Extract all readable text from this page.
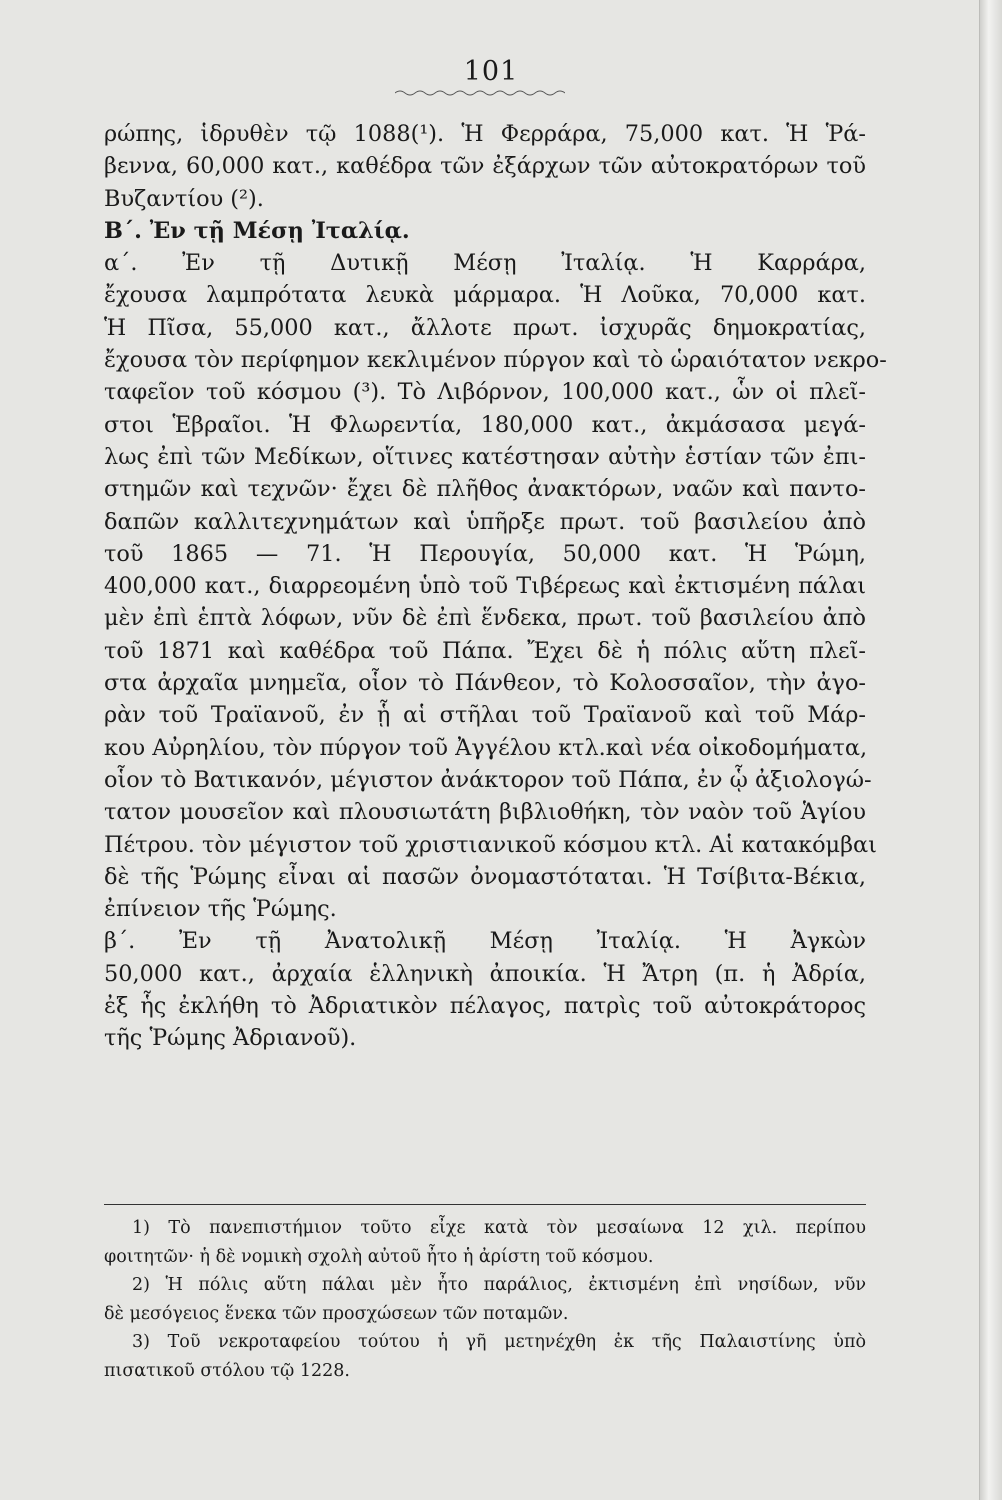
101
ρώπης, ἱδρυθὲν τῷ 1088(¹). Ἡ Φερράρα, 75,000 κατ. Ἡ Ῥά-
βεννα, 60,000 κατ., καθέδρα τῶν ἐξάρχων τῶν αὐτοκρατόρων τοῦ
Βυζαντίου (²).
Β΄. Ἐν τῇ Μέσῃ Ἰταλίᾳ.
α΄. Ἐν τῇ Δυτικῇ Μέσῃ Ἰταλίᾳ. Ἡ Καρράρα,
ἔχουσα λαμπρότατα λευκὰ μάρμαρα. Ἡ Λοῦκα, 70,000 κατ.
Ἡ Πῖσα, 55,000 κατ., ἄλλοτε πρωτ. ἰσχυρᾶς δημοκρατίας,
ἔχουσα τὸν περίφημον κεκλιμένον πύργον καὶ τὸ ὡραιότατον νεκρο-
ταφεῖον τοῦ κόσμου (³). Τὸ Λιβόρνον, 100,000 κατ., ὧν οἱ πλεῖ-
στοι Ἑβραῖοι. Ἡ Φλωρεντία, 180,000 κατ., ἀκμάσασα μεγά-
λως ἐπὶ τῶν Μεδίκων, οἵτινες κατέστησαν αὐτὴν ἑστίαν τῶν ἐπι-
στημῶν καὶ τεχνῶν· ἔχει δὲ πλῆθος ἀνακτόρων, ναῶν καὶ παντο-
δαπῶν καλλιτεχνημάτων καὶ ὑπῆρξε πρωτ. τοῦ βασιλείου ἀπὸ
τοῦ 1865 — 71. Ἡ Περουγία, 50,000 κατ. Ἡ Ῥώμη,
400,000 κατ., διαρρεομένη ὑπὸ τοῦ Τιβέρεως καὶ ἐκτισμένη πάλαι
μὲν ἐπὶ ἑπτὰ λόφων, νῦν δὲ ἐπὶ ἕνδεκα, πρωτ. τοῦ βασιλείου ἀπὸ
τοῦ 1871 καὶ καθέδρα τοῦ Πάπα. Ἔχει δὲ ἡ πόλις αὕτη πλεῖ-
στα ἀρχαῖα μνημεῖα, οἷον τὸ Πάνθεον, τὸ Κολοσσαῖον, τὴν ἀγο-
ρὰν τοῦ Τραϊανοῦ, ἐν ᾗ αἱ στῆλαι τοῦ Τραϊανοῦ καὶ τοῦ Μάρ-
κου Αὐρηλίου, τὸν πύργον τοῦ Ἀγγέλου κτλ.καὶ νέα οἰκοδομήματα,
οἷον τὸ Βατικανόν, μέγιστον ἀνάκτορον τοῦ Πάπα, ἐν ᾧ ἀξιολογώ-
τατον μουσεῖον καὶ πλουσιωτάτη βιβλιοθήκη, τὸν ναὸν τοῦ Ἁγίου
Πέτρου. τὸν μέγιστον τοῦ χριστιανικοῦ κόσμου κτλ. Αἱ κατακόμβαι
δὲ τῆς Ῥώμης εἶναι αἱ πασῶν ὀνομαστόταται. Ἡ Τσίβιτα-Βέκια,
ἐπίνειον τῆς Ῥώμης.
β΄. Ἐν τῇ Ἀνατολικῇ Μέσῃ Ἰταλίᾳ. Ἡ Ἀγκὼν
50,000 κατ., ἀρχαία ἑλληνικὴ ἀποικία. Ἡ Ἄτρη (π. ἡ Ἀδρία,
ἐξ ἧς ἐκλήθη τὸ Ἀδριατικὸν πέλαγος, πατρὶς τοῦ αὐτοκράτορος
τῆς Ῥώμης Ἀδριανοῦ).
1) Τὸ πανεπιστήμιον τοῦτο εἶχε κατὰ τὸν μεσαίωνα 12 χιλ. περίπου
φοιτητῶν· ἡ δὲ νομικὴ σχολὴ αὐτοῦ ἦτο ἡ ἀρίστη τοῦ κόσμου.
2) Ἡ πόλις αὕτη πάλαι μὲν ἦτο παράλιος, ἐκτισμένη ἐπὶ νησίδων, νῦν
δὲ μεσόγειος ἕνεκα τῶν προσχώσεων τῶν ποταμῶν.
3) Τοῦ νεκροταφείου τούτου ἡ γῆ μετηνέχθη ἐκ τῆς Παλαιστίνης ὑπὸ
πισατικοῦ στόλου τῷ 1228.
